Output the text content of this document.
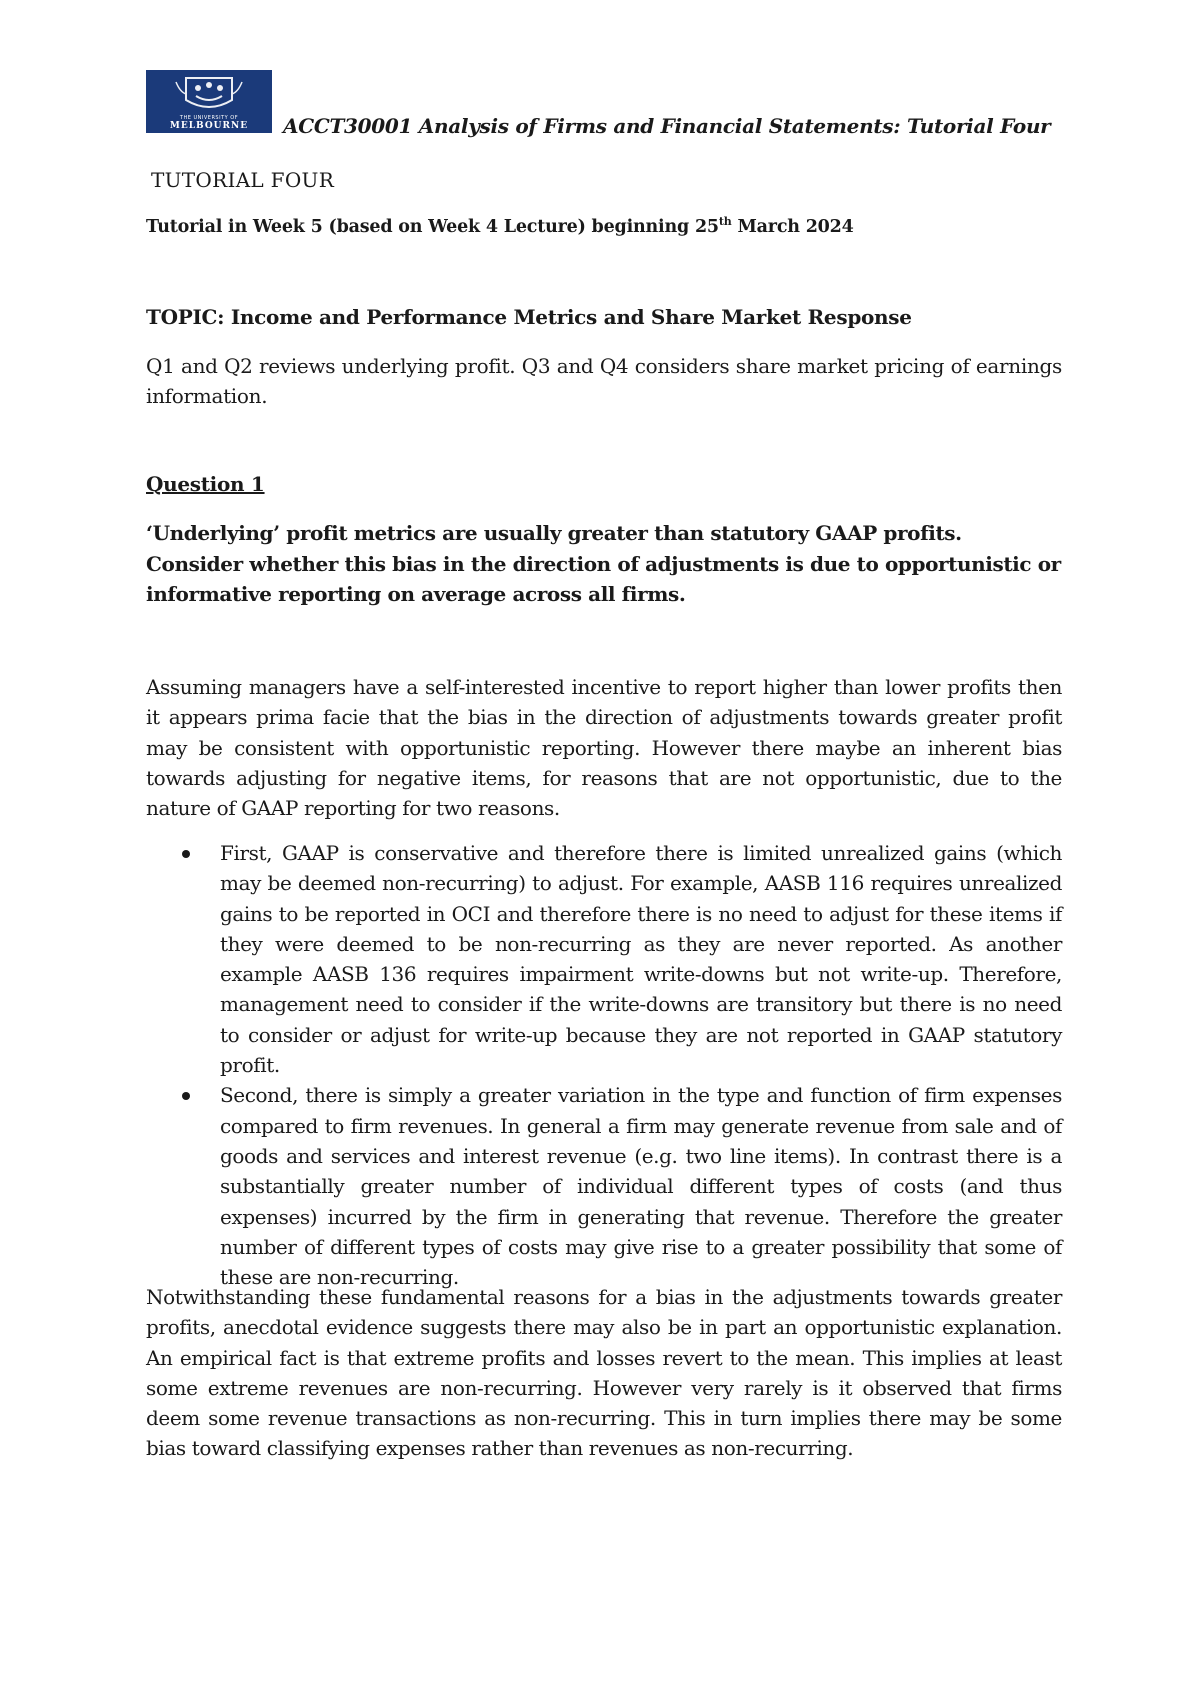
THE UNIVERSITY OF
MELBOURNE ACCT30001 Analysis of Firms and Financial Statements: Tutorial Four
TUTORIAL FOUR
Tutorial in Week 5 (based on Week 4 Lecture) beginning 25th March 2024
TOPIC: Income and Performance Metrics and Share Market Response
Q1 and Q2 reviews underlying profit. Q3 and Q4 considers share market pricing of earnings information.
Question 1
‘Underlying’ profit metrics are usually greater than statutory GAAP profits. Consider whether this bias in the direction of adjustments is due to opportunistic or informative reporting on average across all firms.
Assuming managers have a self-interested incentive to report higher than lower profits then it appears prima facie that the bias in the direction of adjustments towards greater profit may be consistent with opportunistic reporting. However there maybe an inherent bias towards adjusting for negative items, for reasons that are not opportunistic, due to the nature of GAAP reporting for two reasons.
First, GAAP is conservative and therefore there is limited unrealized gains (which may be deemed non-recurring) to adjust. For example, AASB 116 requires unrealized gains to be reported in OCI and therefore there is no need to adjust for these items if they were deemed to be non-recurring as they are never reported. As another example AASB 136 requires impairment write-downs but not write-up. Therefore, management need to consider if the write-downs are transitory but there is no need to consider or adjust for write-up because they are not reported in GAAP statutory profit.
Second, there is simply a greater variation in the type and function of firm expenses compared to firm revenues. In general a firm may generate revenue from sale and of goods and services and interest revenue (e.g. two line items). In contrast there is a substantially greater number of individual different types of costs (and thus expenses) incurred by the firm in generating that revenue. Therefore the greater number of different types of costs may give rise to a greater possibility that some of these are non-recurring.
Notwithstanding these fundamental reasons for a bias in the adjustments towards greater profits, anecdotal evidence suggests there may also be in part an opportunistic explanation. An empirical fact is that extreme profits and losses revert to the mean. This implies at least some extreme revenues are non-recurring. However very rarely is it observed that firms deem some revenue transactions as non-recurring. This in turn implies there may be some bias toward classifying expenses rather than revenues as non-recurring.
